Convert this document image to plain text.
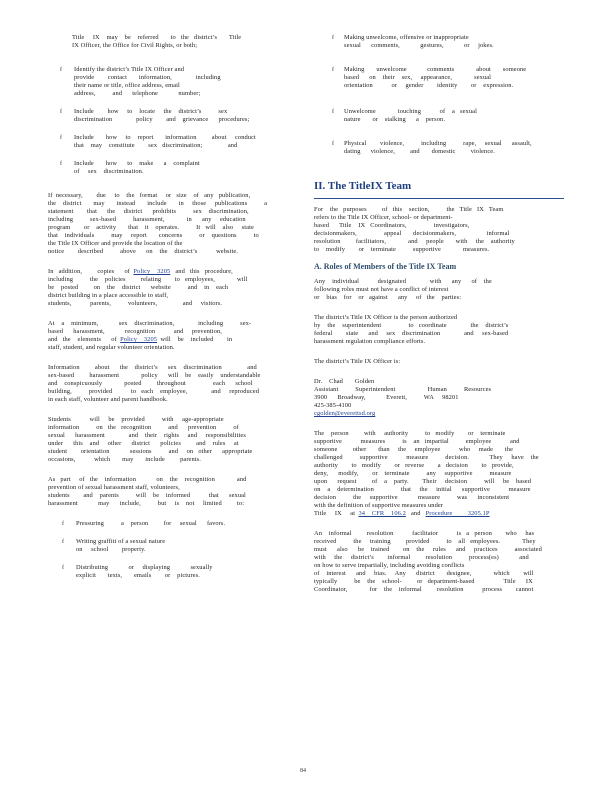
Title     IX    may    be    referred       to   the   district’s       Title
IX Officer, the Office for Civil Rights, or both;
f Identify the district’s Title IX Officer and
provide        contact       information,              including
their name or title, office address, email
address,          and      telephone            number;
f Include        how     to    locate     the    district’s          sex
discrimination              policy        and    grievance      procedures;
f Include       how     to    report       information         about     conduct
that    may    constitute        sex   discrimination;               and
f Include       how      to    make      a    complaint
of     sex    discrimination.
If  necessary,        due     to    the   format     or   size    of   any   publication,
the    district       may       instead       include       in     those     publications          a
statement        that      the     district      prohibits          sex    discrimination,
including          sex-based          harassment,             in      any     education
program        or    activity       that    it    operates.          It   will    also     state
that    individuals          may     report       concerns          or    questions          to
the Title IX Officer and provide the location of the
notice        described          above      on    the    district’s           website.
In   addition,         copies      of  Policy    3205   and   this   procedure,
including          the    policies         relating        to   employees,             will
be    posted         on    the    district      website          and    in    each
district building in a place accessible to staff,
students,           parents,          volunteers,               and     visitors.
At    a    minimum,            sex    discrimination,              including          sex-
based      harassment,            recognition           and     prevention,
and   the    elements      of  Policy    3205  will    be    included        in
staff, student, and regular volunteer orientation.
Information         about      the    district’s      sex    discrimination               and
sex-based         harassment             policy      will    be    easily    understandable
and    conspicuously             posted         throughout                each      school
building,          provided           to   each    employee,              and     reproduced
in each staff, volunteer and parent handbook.
Students           will     be    provided          with     age-appropriate
information          on   the   recognition          and      prevention          of
sexual      harassment              and    their    rights     and     responsibilities
under      this    and     other      district      policies         and    rules     at
student        orientation            sessions          and     on   other      appropriate
occasions,           which       may       include         parents.
As   part     of   the    information            on    the    recognition             and
prevention of sexual harassment staff, volunteers,
students        and    parents          will    be    informed           that      sexual
harassment            may      include,          but     is    not     limited         to:
f Pressuring          a    person         for     sexual      favors.
f Writing graffiti of a sexual nature
on     school        property.
f Distributing            or     displaying            sexually
explicit       texts,       emails        or    pictures.
f Making unwelcome, offensive or inappropriate
sexual      comments,            gestures,            or     jokes.
f Making       unwelcome            comments             about       someone
based      on    their    sex,     appearance,             sexual
orientation           or     gender        identity        or    expression.
f Unwelcome             touching           of    a   sexual
nature       or    stalking      a    person.
f Physical        violence,          including          rape,     sexual      assault,
dating      violence,         and       domestic         violence.
II. The TitleIX Team
For    the   purposes         of   this    section,          the   Title   IX   Team
refers to the Title IX Officer, school- or department-
based      Title    IX   Coordinators,                investigators,
decisionmakers,                appeal       decisionmakers,                  informal
resolution         facilitators,             and     people       with     the    authority
to    modify        or    terminate          supportive             measures.
A. Roles of Members of the Title IX Team
Any    individual           designated              with      any      of    the
following roles must not have a conflict of interest
or    bias    for    or   against      any     of   the    parties:
The district’s Title IX Officer is the person authorized
by    the    superintendent                to   coordinate              the    district’s
federal        state      and     sex    discrimination              and     sex-based
harassment regulation compliance efforts.
The district’s Title IX Officer is:
Dr.    Chad       Golden
Assistant          Superintendent                   Human          Resources
3900      Broadway,            Everett,          WA     98201
425-385-4100
cgolden@everettsd.org
The    person         with     authority          to   modify        or    terminate
supportive           measures          is    an   impartial          employee           and
someone         other       than     the     employee           who     made       the
challenged          supportive           measure          decision.            They     have    the
authority        to   modify        or   reverse        a   decision        to   provide,
deny,      modify,        or    terminate          any     supportive          measure
upon      request         of    a    party.        Their     decision          will     be    based
on    a    determination                that     the     initial      supportive           measure
decision          the     supportive            measure          was      inconsistent
with the definition of supportive measures under
Title     IX     at  34    CFR    106.2   and   Procedure         3205.1P
An    informal         resolution           facilitator           is   a   person        who     has
received          the     training         provided          to    all   employees.             They
must      also      be    trained        on    the     rules      and     practices          associated
with     the     district’s        informal         resolution          process(es)            and
on how to serve impartially, including avoiding conflicts
of    interest      and     bias.     Any      district       designee,             which        will
typically          be    the    school-         or   department-based                 Title      IX
Coordinator,             for    the    informal         resolution           process        cannot
84
